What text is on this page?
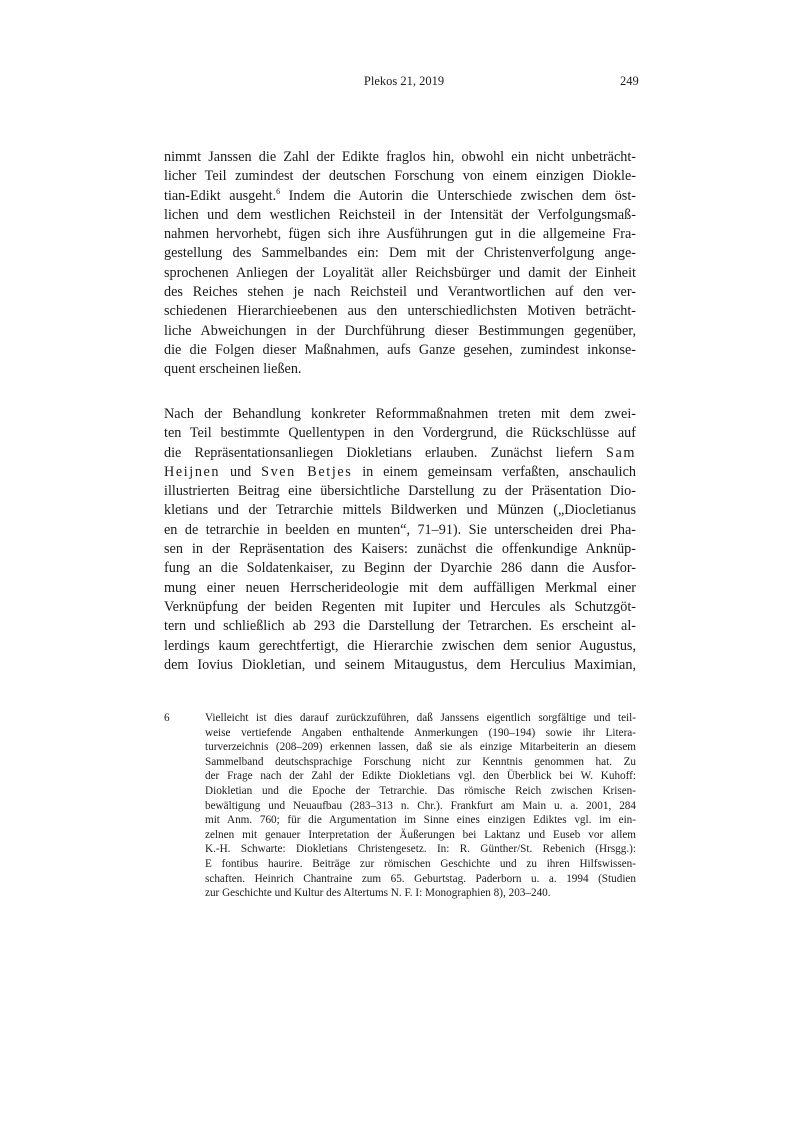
Plekos 21, 2019	249
nimmt Janssen die Zahl der Edikte fraglos hin, obwohl ein nicht unbeträcht-
licher Teil zumindest der deutschen Forschung von einem einzigen Diokle-
tian-Edikt ausgeht.$^6$ Indem die Autorin die Unterschiede zwischen dem öst-
lichen und dem westlichen Reichsteil in der Intensität der Verfolgungsmaß-
nahmen hervorhebt, fügen sich ihre Ausführungen gut in die allgemeine Fra-
gestellung des Sammelbandes ein: Dem mit der Christenverfolgung ange-
sprochenen Anliegen der Loyalität aller Reichsbürger und damit der Einheit
des Reiches stehen je nach Reichsteil und Verantwortlichen auf den ver-
schiedenen Hierarchieebenen aus den unterschiedlichsten Motiven beträcht-
liche Abweichungen in der Durchführung dieser Bestimmungen gegenüber,
die die Folgen dieser Maßnahmen, aufs Ganze gesehen, zumindest inkonse-
quent erscheinen ließen.
Nach der Behandlung konkreter Reformmaßnahmen treten mit dem zwei-
ten Teil bestimmte Quellentypen in den Vordergrund, die Rückschlüsse auf
die Repräsentationsanliegen Diokletians erlauben. Zunächst liefern Sam
Heijnen und Sven Betjes in einem gemeinsam verfaßten, anschaulich
illustrierten Beitrag eine übersichtliche Darstellung zu der Präsentation Dio-
kletians und der Tetrarchie mittels Bildwerken und Münzen („Diocletianus
en de tetrarchie in beelden en munten“, 71–91). Sie unterscheiden drei Pha-
sen in der Repräsentation des Kaisers: zunächst die offenkundige Anknüp-
fung an die Soldatenkaiser, zu Beginn der Dyarchie 286 dann die Ausfor-
mung einer neuen Herrscherideologie mit dem auffälligen Merkmal einer
Verknüpfung der beiden Regenten mit Iupiter und Hercules als Schutzgöt-
tern und schließlich ab 293 die Darstellung der Tetrarchen. Es erscheint al-
lerdings kaum gerechtfertigt, die Hierarchie zwischen dem senior Augustus,
dem Iovius Diokletian, und seinem Mitaugustus, dem Herculius Maximian,
6	Vielleicht ist dies darauf zurückzuführen, daß Janssens eigentlich sorgfältige und teil-
weise vertiefende Angaben enthaltende Anmerkungen (190–194) sowie ihr Litera-
turverzeichnis (208–209) erkennen lassen, daß sie als einzige Mitarbeiterin an diesem
Sammelband deutschsprachige Forschung nicht zur Kenntnis genommen hat. Zu
der Frage nach der Zahl der Edikte Diokletians vgl. den Überblick bei W. Kuhoff:
Diokletian und die Epoche der Tetrarchie. Das römische Reich zwischen Krisen-
bewältigung und Neuaufbau (283–313 n. Chr.). Frankfurt am Main u. a. 2001, 284
mit Anm. 760; für die Argumentation im Sinne eines einzigen Ediktes vgl. im ein-
zelnen mit genauer Interpretation der Äußerungen bei Laktanz und Euseb vor allem
K.-H. Schwarte: Diokletians Christengesetz. In: R. Günther/St. Rebenich (Hrsgg.):
E fontibus haurire. Beiträge zur römischen Geschichte und zu ihren Hilfswissen-
schaften. Heinrich Chantraine zum 65. Geburtstag. Paderborn u. a. 1994 (Studien
zur Geschichte und Kultur des Altertums N. F. I: Monographien 8), 203–240.
